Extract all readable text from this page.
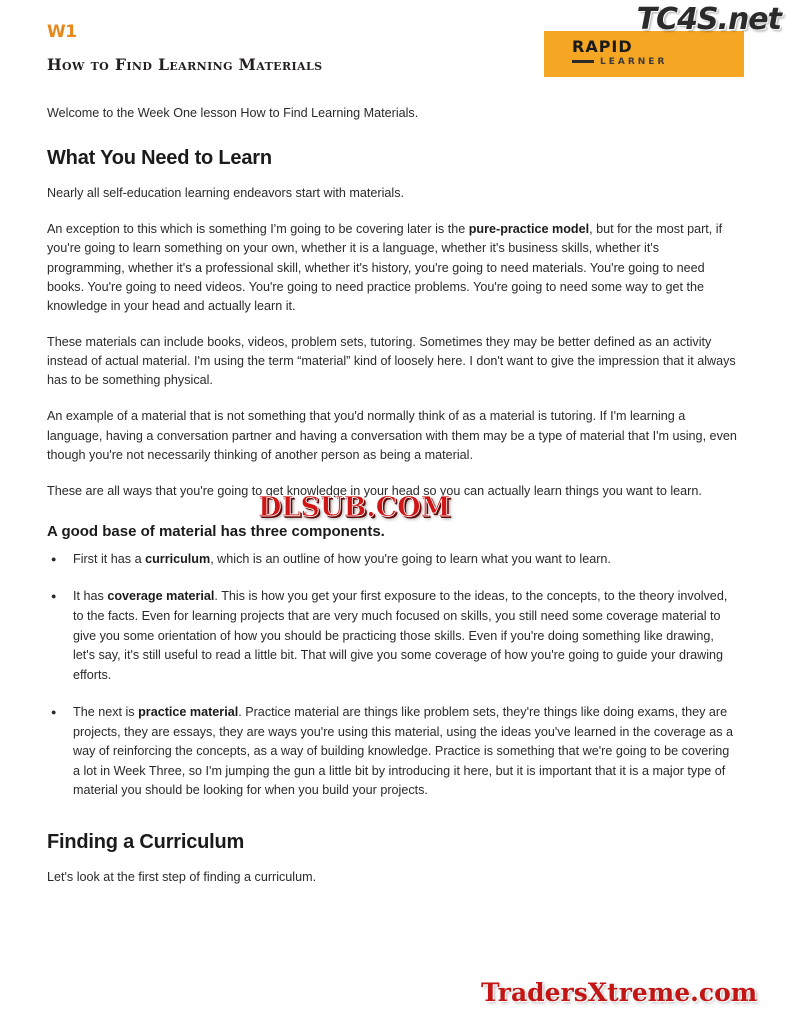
W1
How to Find Learning Materials
RAPID
LEARNER
TC4S.net

Welcome to the Week One lesson How to Find Learning Materials.

What You Need to Learn

Nearly all self-education learning endeavors start with materials.

An exception to this which is something I'm going to be covering later is the pure-practice model, but for the most part, if you're going to learn something on your own, whether it is a language, whether it's business skills, whether it's programming, whether it's a professional skill, whether it's history, you're going to need materials. You're going to need books. You're going to need videos. You're going to need practice problems. You're going to need some way to get the knowledge in your head and actually learn it.

These materials can include books, videos, problem sets, tutoring. Sometimes they may be better defined as an activity instead of actual material. I'm using the term “material” kind of loosely here. I don't want to give the impression that it always has to be something physical.

An example of a material that is not something that you'd normally think of as a material is tutoring. If I'm learning a language, having a conversation partner and having a conversation with them may be a type of material that I'm using, even though you're not necessarily thinking of another person as being a material.

These are all ways that you're going to get knowledge in your head so you can actually learn things you want to learn.

A good base of material has three components.
● First it has a curriculum, which is an outline of how you're going to learn what you want to learn.
● It has coverage material. This is how you get your first exposure to the ideas, to the concepts, to the theory involved, to the facts. Even for learning projects that are very much focused on skills, you still need some coverage material to give you some orientation of how you should be practicing those skills. Even if you're doing something like drawing, let's say, it's still useful to read a little bit. That will give you some coverage of how you're going to guide your drawing efforts.
● The next is practice material. Practice material are things like problem sets, they're things like doing exams, they are projects, they are essays, they are ways you're using this material, using the ideas you've learned in the coverage as a way of reinforcing the concepts, as a way of building knowledge. Practice is something that we're going to be covering a lot in Week Three, so I'm jumping the gun a little bit by introducing it here, but it is important that it is a major type of material you should be looking for when you build your projects.
Finding a Curriculum

Let's look at the first step of finding a curriculum.

DLSUB.COM
TradersXtreme.com
